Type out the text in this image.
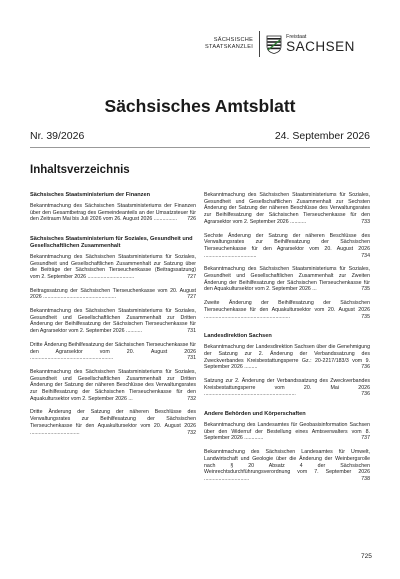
SÄCHSISCHE
STAATSKANZLEI
Freistaat
SACHSEN
Sächsisches Amtsblatt
Nr. 39/2026	24. September 2026
Inhaltsverzeichnis
Sächsisches Staatsministerium der Finanzen
Bekanntmachung des Sächsischen Staatsministeriums der Finanzen über den Gesamtbetrag des Gemeindeanteils an der Umsatzsteuer für den Zeitraum Mai bis Juli 2026 vom 26. August 2026 ................ 726
Sächsisches Staatsministerium für Soziales, Gesundheit und Gesellschaftlichen Zusammenhalt
Bekanntmachung des Sächsischen Staatsministeriums für Soziales, Gesundheit und Gesellschaftlichen Zusammenhalt zur Satzung über die Beiträge der Sächsischen Tierseuchenkasse (Beitragssatzung) vom 2. September 2026 ................................	727
Beitragssatzung der Sächsischen Tierseuchenkasse vom 20. August 2026 ..................................................	727
Bekanntmachung des Sächsischen Staatsministeriums für Soziales, Gesundheit und Gesellschaftlichen Zusammenhalt zur Dritten Änderung der Beihilfesatzung der Sächsischen Tierseuchenkasse für den Agrarsektor vom 2. September 2026 ...........	731
Dritte Änderung Beihilfesatzung der Sächsischen Tierseuchenkasse für den Agrarsektor vom 20. August 2026 .........................................................	731
Bekanntmachung des Sächsischen Staatsministeriums für Soziales, Gesundheit und Gesellschaftlichen Zusammenhalt zur Dritten Änderung der Satzung der näheren Beschlüsse des Verwaltungsrates zur Beihilfesatzung der Sächsischen Tierseuchenkasse für den Aquakultursektor vom 2. September 2026 ...	732
Dritte Änderung der Satzung der näheren Beschlüsse des Verwaltungsrates zur Beihilfesatzung der Sächsischen Tierseuchenkasse für den Aquakultursektor vom 20. August 2026 ..................................	732
Bekanntmachung des Sächsischen Staatsministeriums für Soziales, Gesundheit und Gesellschaftlichen Zusammenhalt zur Sechsten Änderung der Satzung der näheren Beschlüsse des Verwaltungsrates zur Beihilfesatzung der Sächsischen Tierseuchenkasse für den Agrarsektor vom 2. September 2026 ...........	733
Sechste Änderung der Satzung der näheren Beschlüsse des Verwaltungsrates zur Beihilfesatzung der Sächsischen Tierseuchenkasse für den Agrarsektor vom 20. August 2026 ....................................	734
Bekanntmachung des Sächsischen Staatsministeriums für Soziales, Gesundheit und Gesellschaftlichen Zusammenhalt zur Zweiten Änderung der Beihilfesatzung der Sächsischen Tierseuchenkasse für den Aquakultursektor vom 2. September 2026 ...	735
Zweite Änderung der Beihilfesatzung der Sächsischen Tierseuchenkasse für den Aquakultursektor vom 20. August 2026 ...........................................................	735
Landesdirektion Sachsen
Bekanntmachung der Landesdirektion Sachsen über die Genehmigung der Satzung zur 2. Änderung der Verbandssatzung des Zweckverbandes Kreisbestattungsperre Gz.: 20-2217/183/3 vom 9. September 2026 .........	736
Satzung zur 2. Änderung der Verbandssatzung des Zweckverbandes Kreisbestattungsperre vom 20. Mai 2026 ...............................................................	736
Andere Behörden und Körperschaften
Bekanntmachung des Landesamtes für Geobasisinformation Sachsen über den Widerruf der Bestellung eines Amtsverwalters vom 8. September 2026 .............	737
Bekanntmachung des Sächsischen Landesamtes für Umwelt, Landwirtschaft und Geologie über die Änderung der Weinbergsrolle nach § 20 Absatz 4 der Sächsischen Weinrechtsdurchführungsverordnung vom 7. September 2026 ...............................	738
725
